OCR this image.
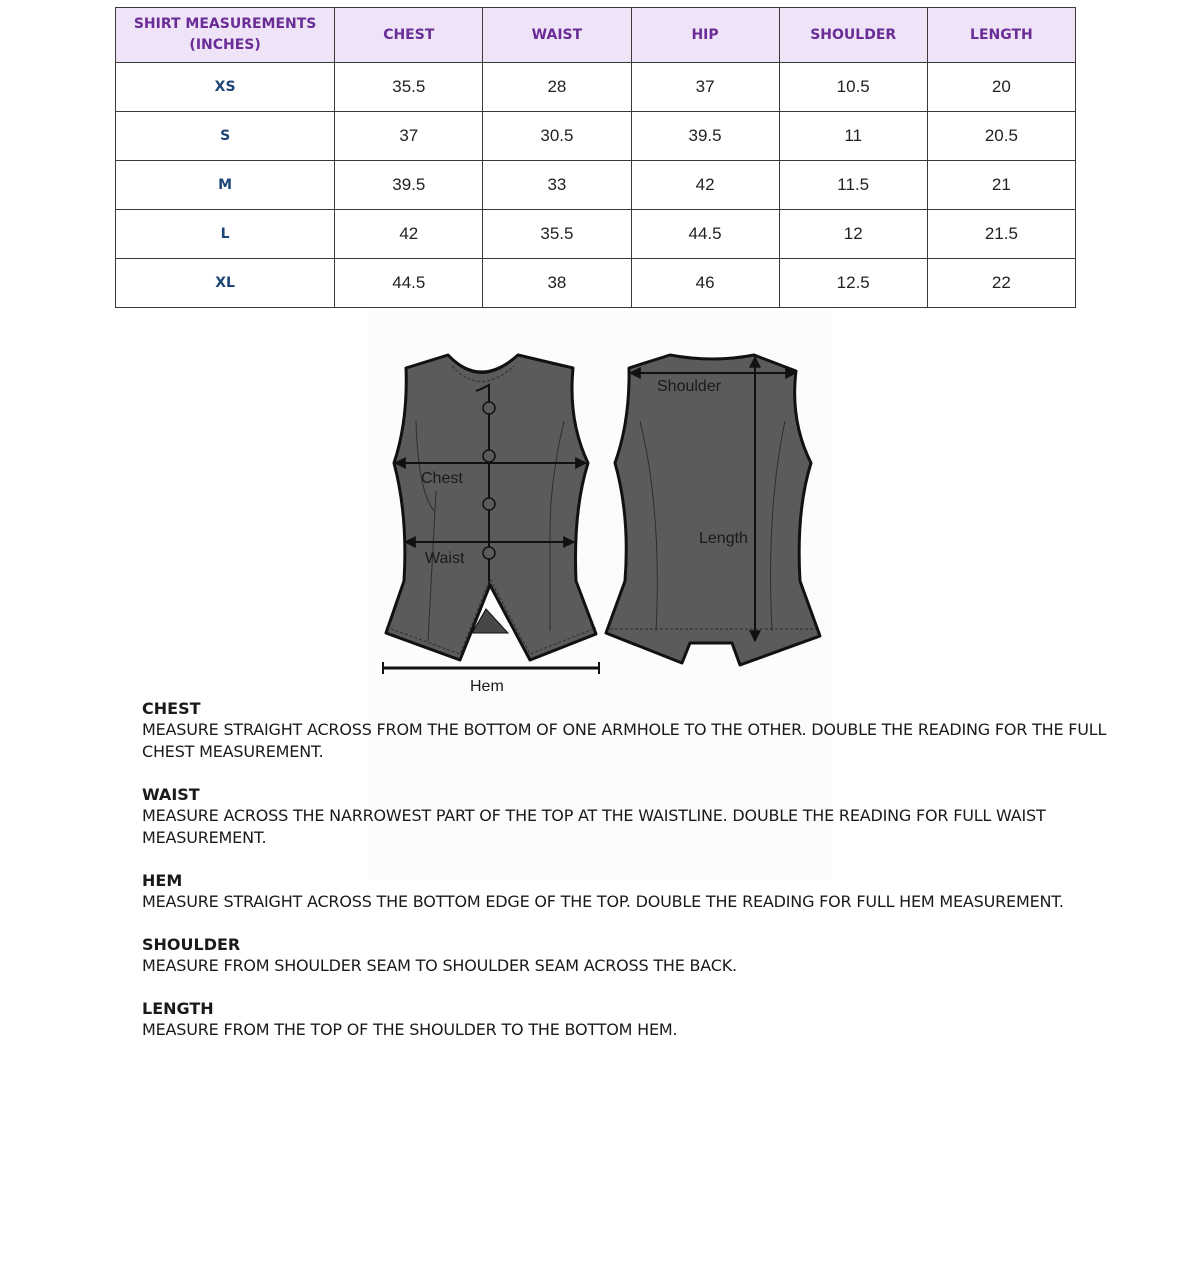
SHIRT MEASUREMENTS
(INCHES)	CHEST	WAIST	HIP	SHOULDER	LENGTH
XS	35.5	28	37	10.5	20
S	37	30.5	39.5	11	20.5
M	39.5	33	42	11.5	21
L	42	35.5	44.5	12	21.5
XL	44.5	38	46	12.5	22
Chest
Waist
Hem
Shoulder
Length
CHEST
MEASURE STRAIGHT ACROSS FROM THE BOTTOM OF ONE ARMHOLE TO THE OTHER. DOUBLE THE READING FOR THE FULL CHEST MEASUREMENT.
WAIST
MEASURE ACROSS THE NARROWEST PART OF THE TOP AT THE WAISTLINE. DOUBLE THE READING FOR FULL WAIST MEASUREMENT.
HEM
MEASURE STRAIGHT ACROSS THE BOTTOM EDGE OF THE TOP. DOUBLE THE READING FOR FULL HEM MEASUREMENT.
SHOULDER
MEASURE FROM SHOULDER SEAM TO SHOULDER SEAM ACROSS THE BACK.
LENGTH
MEASURE FROM THE TOP OF THE SHOULDER TO THE BOTTOM HEM.
